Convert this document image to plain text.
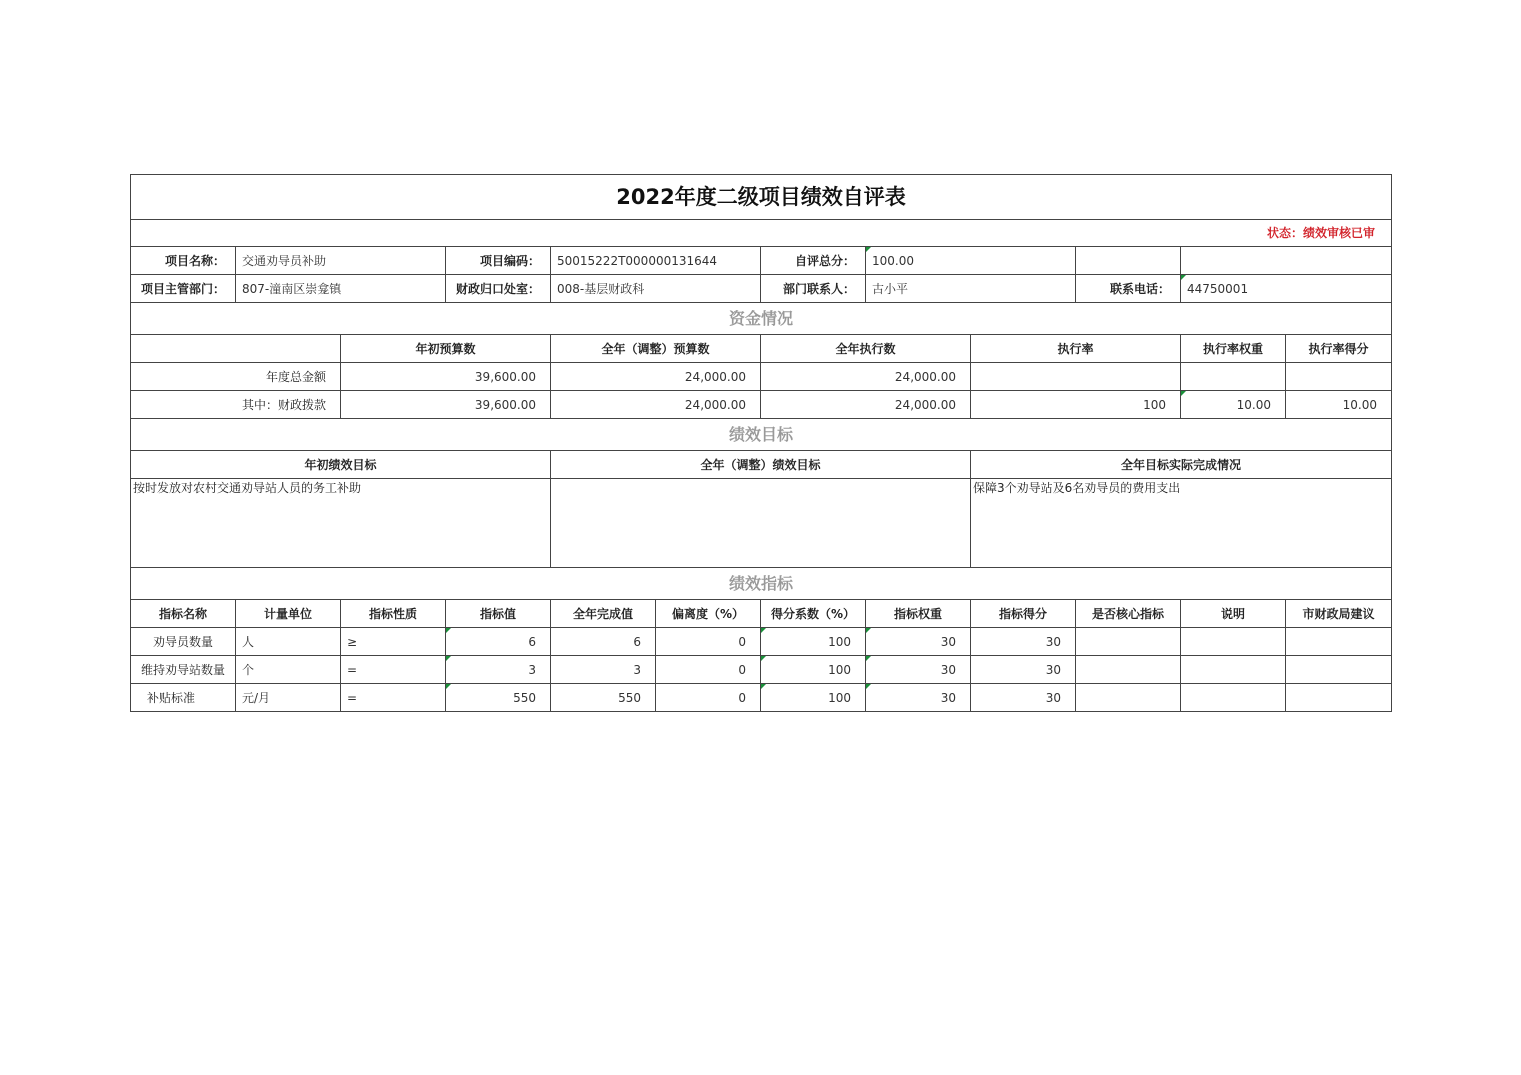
2022年度二级项目绩效自评表											
状态：绩效审核已审											
项目名称：	交通劝导员补助		项目编码：	50015222T000000131644		自评总分：	100.00				
项目主管部门：	807-潼南区崇龛镇		财政归口处室：	008-基层财政科		部门联系人：	古小平		联系电话：	44750001	
资金情况											
		年初预算数		全年（调整）预算数		全年执行数		执行率		执行率权重	执行率得分
年度总金额		39,600.00		24,000.00		24,000.00					
其中：财政拨款		39,600.00		24,000.00		24,000.00		100		10.00	10.00
绩效目标											
年初绩效目标				全年（调整）绩效目标				全年目标实际完成情况			
按时发放对农村交通劝导站人员的务工补助								保障3个劝导站及6名劝导员的费用支出			
绩效指标											
指标名称	计量单位	指标性质	指标值	全年完成值	偏离度（%）	得分系数（%）	指标权重	指标得分	是否核心指标	说明	市财政局建议
劝导员数量	人	≥	6	6	0	100	30	30			
维持劝导站数量	个	=	3	3	0	100	30	30			
补贴标准	元/月	=	550	550	0	100	30	30			
